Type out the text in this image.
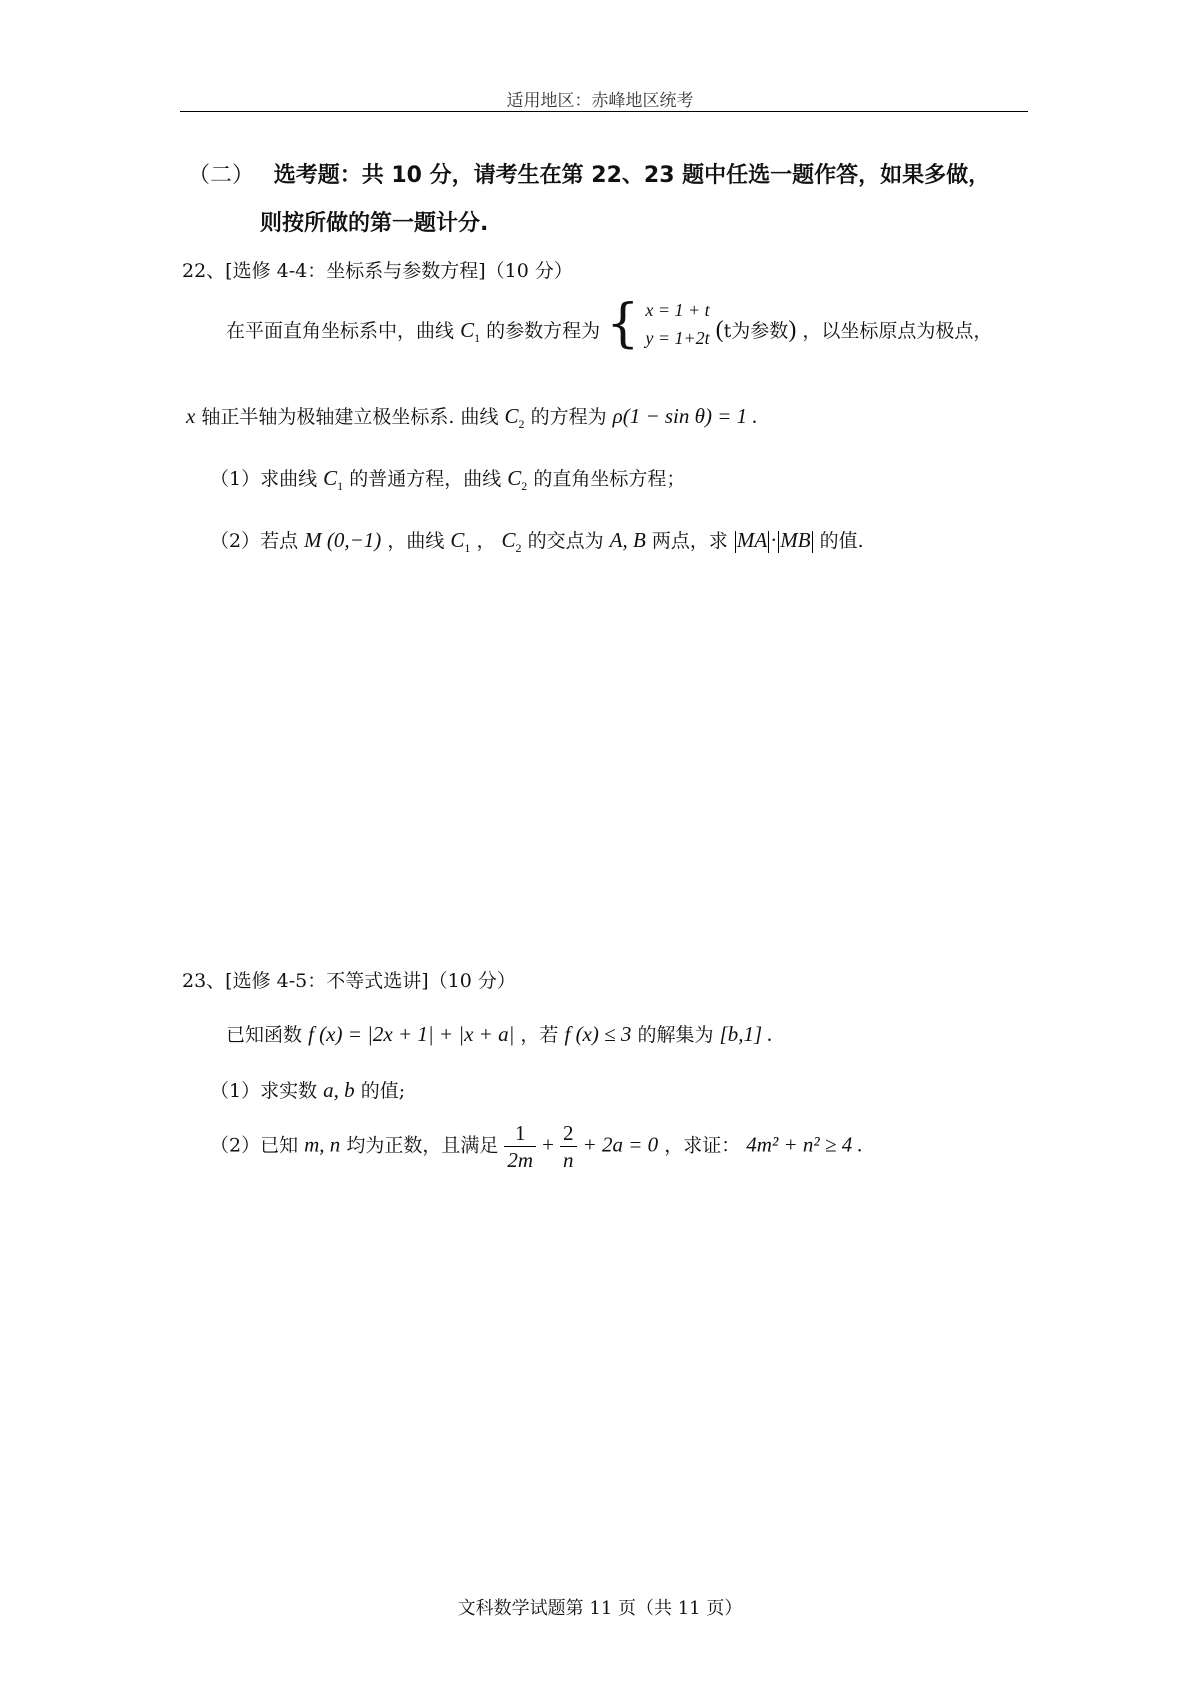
适用地区：赤峰地区统考
（二） 选考题：共 10 分，请考生在第 22、23 题中任选一题作答，如果多做，
则按所做的第一题计分.
22、[选修 4-4：坐标系与参数方程]（10 分）
在平面直角坐标系中，曲线 $C_1$ 的参数方程为 { x = 1 + t
y = 1+2t (t为参数) ，以坐标原点为极点，
x 轴正半轴为极轴建立极坐标系. 曲线 $C_2$ 的方程为 ρ(1 − sin θ) = 1 .
（1）求曲线 $C_1$ 的普通方程，曲线 $C_2$ 的直角坐标方程；
（2）若点 M (0,−1) ，曲线 $C_1$ ， $C_2$ 的交点为 A, B 两点，求 MA · MB 的值.
23、[选修 4-5：不等式选讲]（10 分）
已知函数 f (x) = |2x + 1| + |x + a| ，若 f (x) ≤ 3 的解集为 [b,1] .
（1）求实数 a, b 的值;
（2）已知 m, n 均为正数，且满足 $\frac{1}{2m} + \frac{2}{n} + 2a = 0$ ，求证： 4m² + n² ≥ 4 .
文科数学试题第 11 页（共 11 页）
